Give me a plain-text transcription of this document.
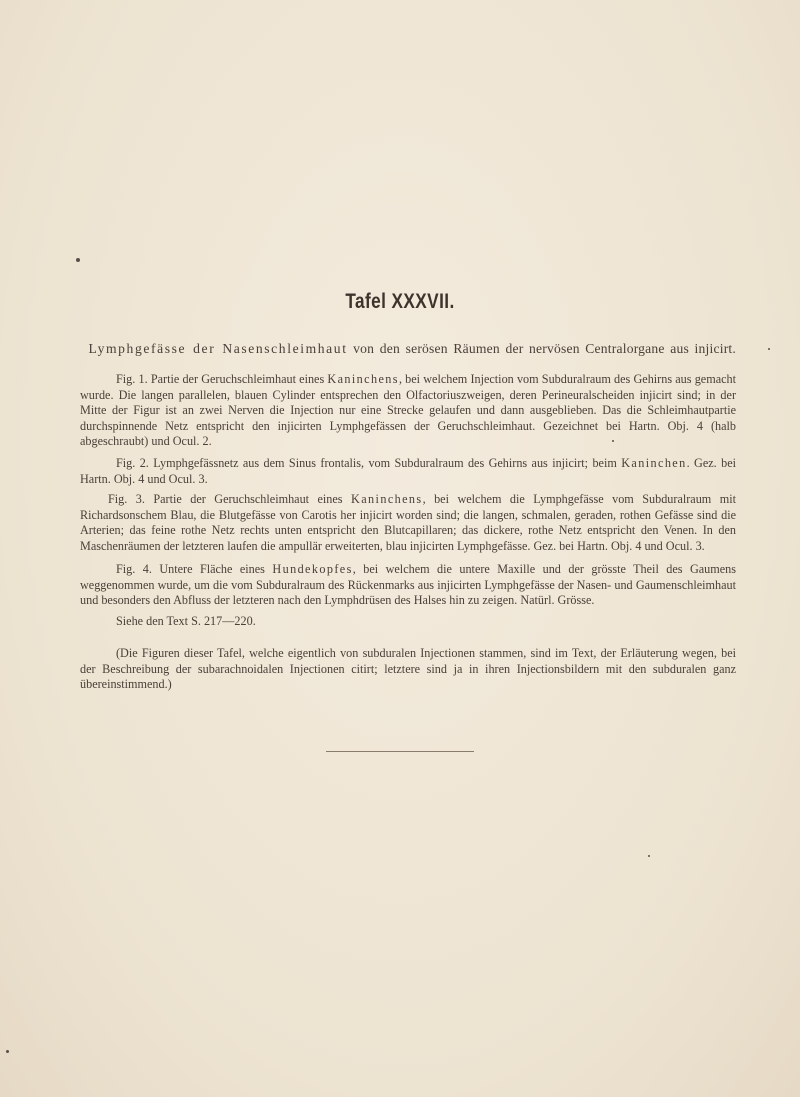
Tafel XXXVII.
Lymphgefässe der Nasenschleimhaut von den serösen Räumen der nervösen Centralorgane aus injicirt.
Fig. 1. Partie der Geruchschleimhaut eines Kaninchens, bei welchem Injection vom Subduralraum des Gehirns aus gemacht wurde. Die langen parallelen, blauen Cylinder entsprechen den Olfactoriuszweigen, deren Perineuralscheiden injicirt sind; in der Mitte der Figur ist an zwei Nerven die Injection nur eine Strecke gelaufen und dann ausgeblieben. Das die Schleimhautpartie durchspinnende Netz entspricht den injicirten Lymphgefässen der Geruchschleimhaut. Gezeichnet bei Hartn. Obj. 4 (halb abgeschraubt) und Ocul. 2.
Fig. 2. Lymphgefässnetz aus dem Sinus frontalis, vom Subduralraum des Gehirns aus injicirt; beim Kaninchen. Gez. bei Hartn. Obj. 4 und Ocul. 3.
Fig. 3. Partie der Geruchschleimhaut eines Kaninchens, bei welchem die Lymphgefässe vom Subduralraum mit Richardsonschem Blau, die Blutgefässe von Carotis her injicirt worden sind; die langen, schmalen, geraden, rothen Gefässe sind die Arterien; das feine rothe Netz rechts unten entspricht den Blutcapillaren; das dickere, rothe Netz entspricht den Venen. In den Maschenräumen der letzteren laufen die ampullär erweiterten, blau injicirten Lymphgefässe. Gez. bei Hartn. Obj. 4 und Ocul. 3.
Fig. 4. Untere Fläche eines Hundekopfes, bei welchem die untere Maxille und der grösste Theil des Gaumens weggenommen wurde, um die vom Subduralraum des Rückenmarks aus injicirten Lymphgefässe der Nasen- und Gaumenschleimhaut und besonders den Abfluss der letzteren nach den Lymphdrüsen des Halses hin zu zeigen. Natürl. Grösse.
Siehe den Text S. 217—220.
(Die Figuren dieser Tafel, welche eigentlich von subduralen Injectionen stammen, sind im Text, der Erläuterung wegen, bei der Beschreibung der subarachnoidalen Injectionen citirt; letztere sind ja in ihren Injectionsbildern mit den subduralen ganz übereinstimmend.)
